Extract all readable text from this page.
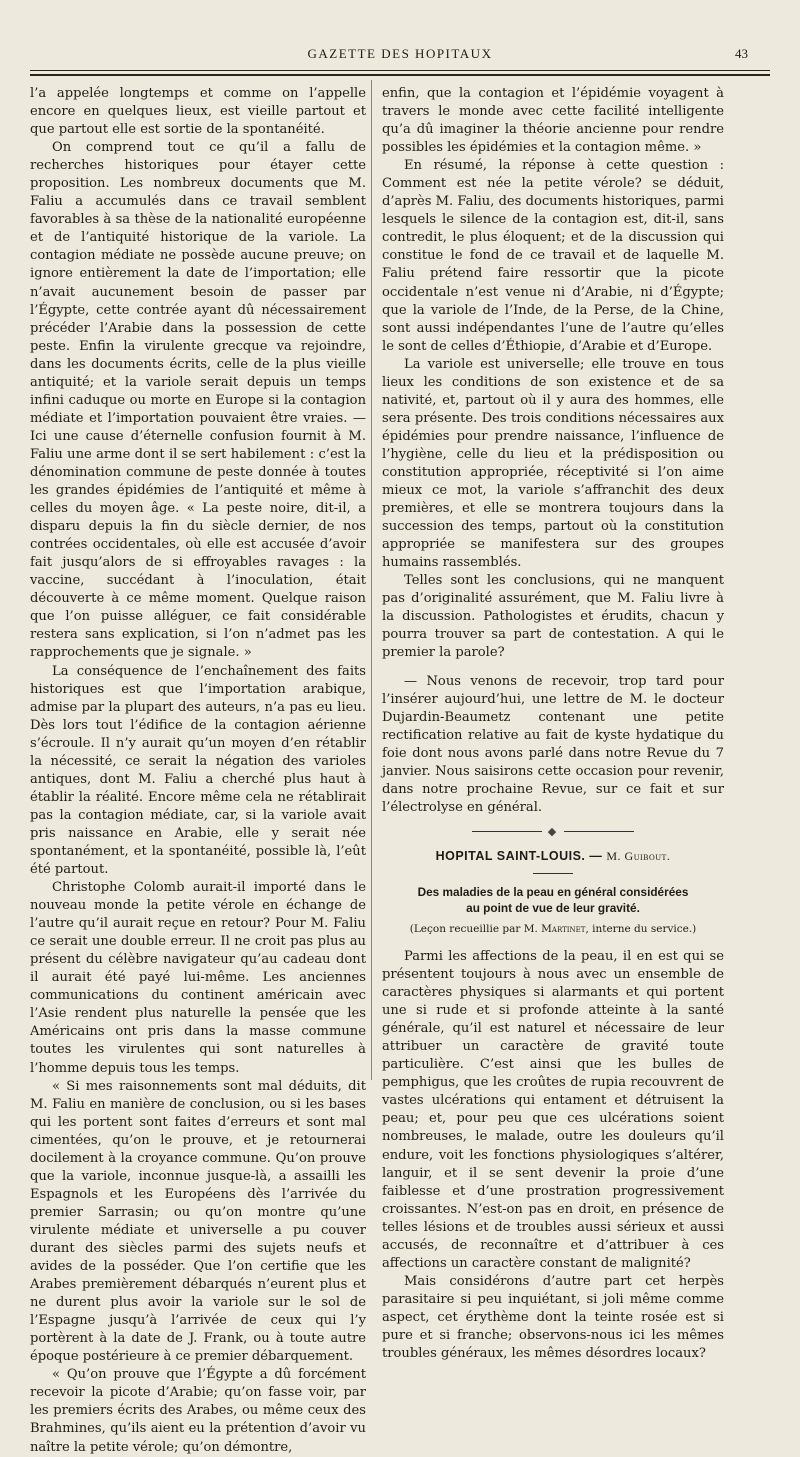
GAZETTE DES HOPITAUX	43

l’a appelée longtemps et comme on l’appelle encore en quelques lieux, est vieille partout et que partout elle est sortie de la spontanéité.

On comprend tout ce qu’il a fallu de recherches historiques pour étayer cette proposition. Les nombreux documents que M. Faliu a accumulés dans ce travail semblent favorables à sa thèse de la nationalité européenne et de l’antiquité historique de la variole. La contagion médiate ne possède aucune preuve; on ignore entièrement la date de l’importation; elle n’avait aucunement besoin de passer par l’Égypte, cette contrée ayant dû nécessairement précéder l’Arabie dans la possession de cette peste. Enfin la virulente grecque va rejoindre, dans les documents écrits, celle de la plus vieille antiquité; et la variole serait depuis un temps infini caduque ou morte en Europe si la contagion médiate et l’importation pouvaient être vraies. — Ici une cause d’éternelle confusion fournit à M. Faliu une arme dont il se sert habilement : c’est la dénomination commune de peste donnée à toutes les grandes épidémies de l’antiquité et même à celles du moyen âge. « La peste noire, dit-il, a disparu depuis la fin du siècle dernier, de nos contrées occidentales, où elle est accusée d’avoir fait jusqu’alors de si effroyables ravages : la vaccine, succédant à l’inoculation, était découverte à ce même moment. Quelque raison que l’on puisse alléguer, ce fait considérable restera sans explication, si l’on n’admet pas les rapprochements que je signale. »

La conséquence de l’enchaînement des faits historiques est que l’importation arabique, admise par la plupart des auteurs, n’a pas eu lieu. Dès lors tout l’édifice de la contagion aérienne s’écroule. Il n’y aurait qu’un moyen d’en rétablir la nécessité, ce serait la négation des varioles antiques, dont M. Faliu a cherché plus haut à établir la réalité. Encore même cela ne rétablirait pas la contagion médiate, car, si la variole avait pris naissance en Arabie, elle y serait née spontanément, et la spontanéité, possible là, l’eût été partout.

Christophe Colomb aurait-il importé dans le nouveau monde la petite vérole en échange de l’autre qu’il aurait reçue en retour? Pour M. Faliu ce serait une double erreur. Il ne croit pas plus au présent du célèbre navigateur qu’au cadeau dont il aurait été payé lui-même. Les anciennes communications du continent américain avec l’Asie rendent plus naturelle la pensée que les Américains ont pris dans la masse commune toutes les virulentes qui sont naturelles à l’homme depuis tous les temps.

« Si mes raisonnements sont mal déduits, dit M. Faliu en manière de conclusion, ou si les bases qui les portent sont faites d’erreurs et sont mal cimentées, qu’on le prouve, et je retournerai docilement à la croyance commune. Qu’on prouve que la variole, inconnue jusque-là, a assailli les Espagnols et les Européens dès l’arrivée du premier Sarrasin; ou qu’on montre qu’une virulente médiate et universelle a pu couver durant des siècles parmi des sujets neufs et avides de la posséder. Que l’on certifie que les Arabes premièrement débarqués n’eurent plus et ne durent plus avoir la variole sur le sol de l’Espagne jusqu’à l’arrivée de ceux qui l’y portèrent à la date de J. Frank, ou à toute autre époque postérieure à ce premier débarquement.

« Qu’on prouve que l’Égypte a dû forcément recevoir la picote d’Arabie; qu’on fasse voir, par les premiers écrits des Arabes, ou même ceux des Brahmines, qu’ils aient eu la prétention d’avoir vu naître la petite vérole; qu’on démontre,

enfin, que la contagion et l’épidémie voyagent à travers le monde avec cette facilité intelligente qu’a dû imaginer la théorie ancienne pour rendre possibles les épidémies et la contagion même. »

En résumé, la réponse à cette question : Comment est née la petite vérole? se déduit, d’après M. Faliu, des documents historiques, parmi lesquels le silence de la contagion est, dit-il, sans contredit, le plus éloquent; et de la discussion qui constitue le fond de ce travail et de laquelle M. Faliu prétend faire ressortir que la picote occidentale n’est venue ni d’Arabie, ni d’Égypte; que la variole de l’Inde, de la Perse, de la Chine, sont aussi indépendantes l’une de l’autre qu’elles le sont de celles d’Éthiopie, d’Arabie et d’Europe.

La variole est universelle; elle trouve en tous lieux les conditions de son existence et de sa nativité, et, partout où il y aura des hommes, elle sera présente. Des trois conditions nécessaires aux épidémies pour prendre naissance, l’influence de l’hygiène, celle du lieu et la prédisposition ou constitution appropriée, réceptivité si l’on aime mieux ce mot, la variole s’affranchit des deux premières, et elle se montrera toujours dans la succession des temps, partout où la constitution appropriée se manifestera sur des groupes humains rassemblés.

Telles sont les conclusions, qui ne manquent pas d’originalité assurément, que M. Faliu livre à la discussion. Pathologistes et érudits, chacun y pourra trouver sa part de contestation. A qui le premier la parole?

— Nous venons de recevoir, trop tard pour l’insérer aujourd’hui, une lettre de M. le docteur Dujardin-Beaumetz contenant une petite rectification relative au fait de kyste hydatique du foie dont nous avons parlé dans notre Revue du 7 janvier. Nous saisirons cette occasion pour revenir, dans notre prochaine Revue, sur ce fait et sur l’électrolyse en général.

◆
HOPITAL SAINT-LOUIS. — M. Guibout.
Des maladies de la peau en général considérées
au point de vue de leur gravité.
(Leçon recueillie par M. Martinet, interne du service.)

Parmi les affections de la peau, il en est qui se présentent toujours à nous avec un ensemble de caractères physiques si alarmants et qui portent une si rude et si profonde atteinte à la santé générale, qu’il est naturel et nécessaire de leur attribuer un caractère de gravité toute particulière. C’est ainsi que les bulles de pemphigus, que les croûtes de rupia recouvrent de vastes ulcérations qui entament et détruisent la peau; et, pour peu que ces ulcérations soient nombreuses, le malade, outre les douleurs qu’il endure, voit les fonctions physiologiques s’altérer, languir, et il se sent devenir la proie d’une faiblesse et d’une prostration progressivement croissantes. N’est-on pas en droit, en présence de telles lésions et de troubles aussi sérieux et aussi accusés, de reconnaître et d’attribuer à ces affections un caractère constant de malignité?

Mais considérons d’autre part cet herpès parasitaire si peu inquiétant, si joli même comme aspect, cet érythème dont la teinte rosée est si pure et si franche; observons-nous ici les mêmes troubles généraux, les mêmes désordres locaux?
